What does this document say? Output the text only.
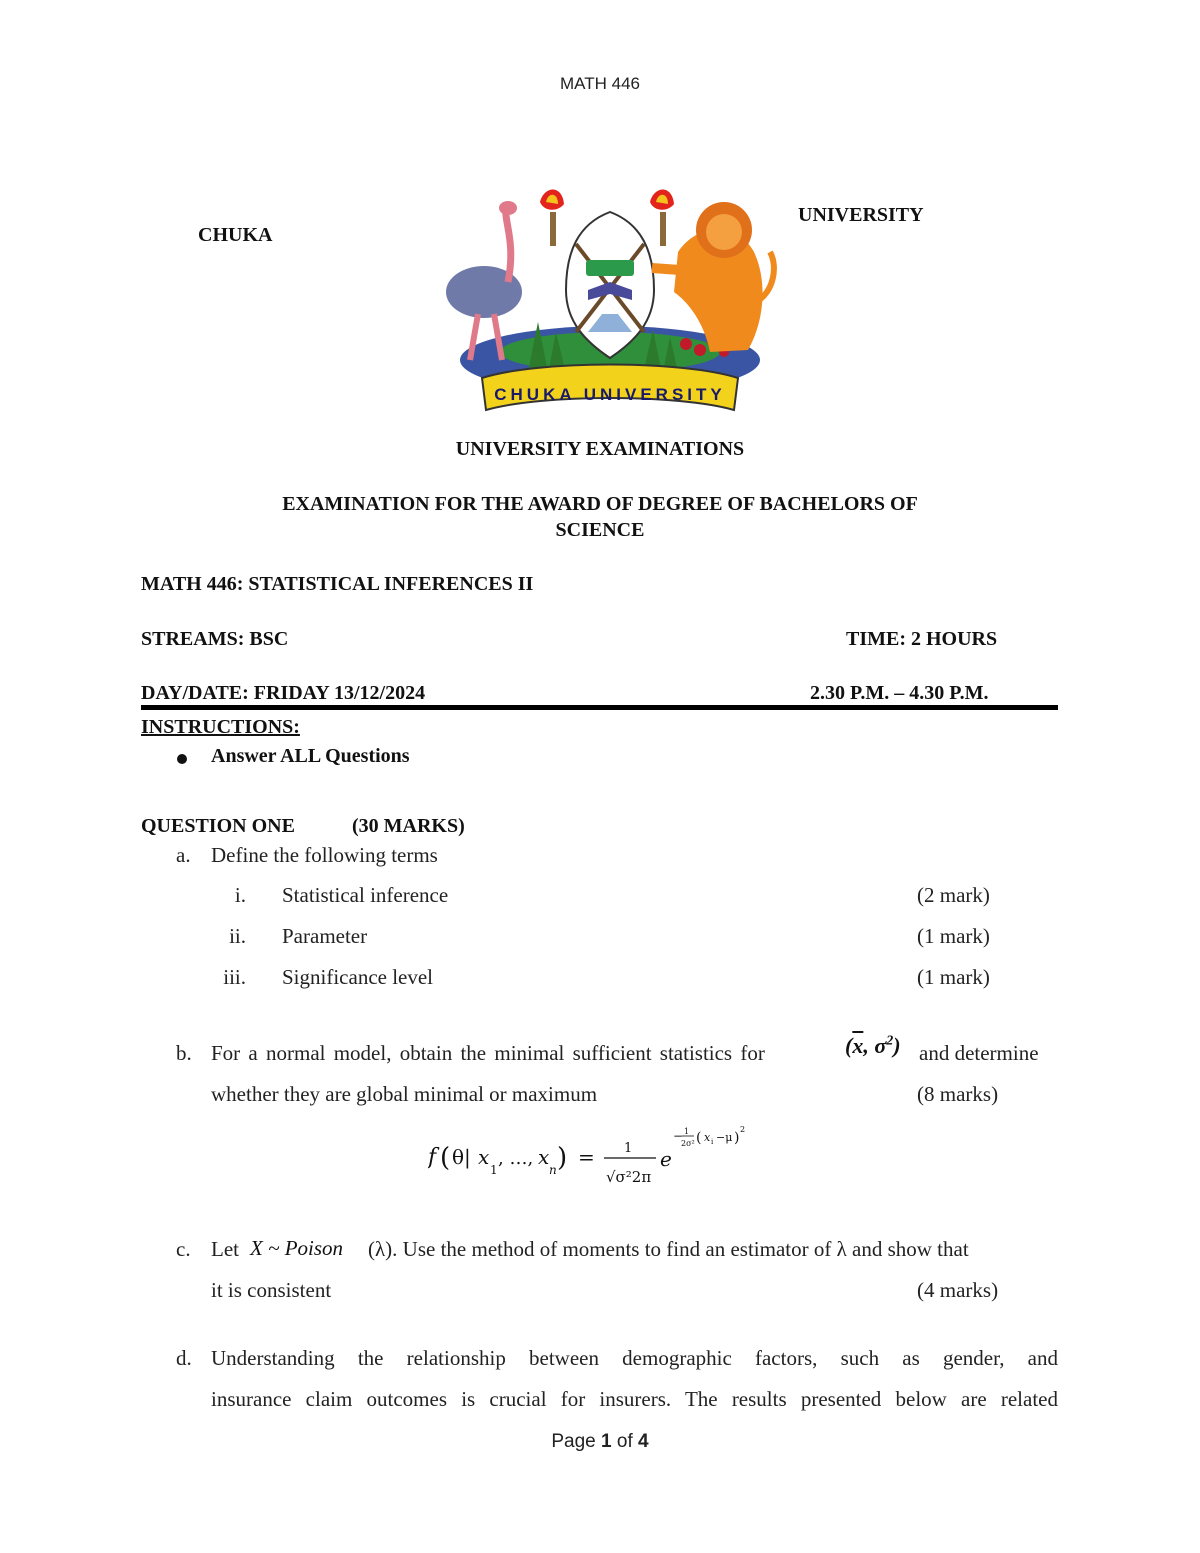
MATH 446
CHUKA
UNIVERSITY
CHUKA UNIVERSITY
UNIVERSITY EXAMINATIONS
EXAMINATION FOR THE AWARD OF DEGREE OF BACHELORS OF
SCIENCE
MATH 446: STATISTICAL INFERENCES II
STREAMS: BSC	TIME: 2 HOURS
DAY/DATE: FRIDAY 13/12/2024	2.30 P.M. – 4.30 P.M.
INSTRUCTIONS:
Answer ALL Questions
QUESTION ONE	(30 MARKS)
a. Define the following terms
i. Statistical inference	(2 mark)
ii. Parameter	(1 mark)
iii. Significance level	(1 mark)
b. For a normal model, obtain the minimal sufficient statistics for	($\overline{x}$, $\sigma^2$) and determine
whether they are global minimal or maximum	(8 marks)
f ( θ| x
1
, …, x
n ) = 1
√σ²2π
e
− 1
2σ² ( x i −μ )
2
c. Let X ~ Poison (λ). Use the method of moments to find an estimator of λ and show that
it is consistent	(4 marks)
d. Understanding the relationship between demographic factors, such as gender, and
insurance claim outcomes is crucial for insurers. The results presented below are related
Page 1 of 4
